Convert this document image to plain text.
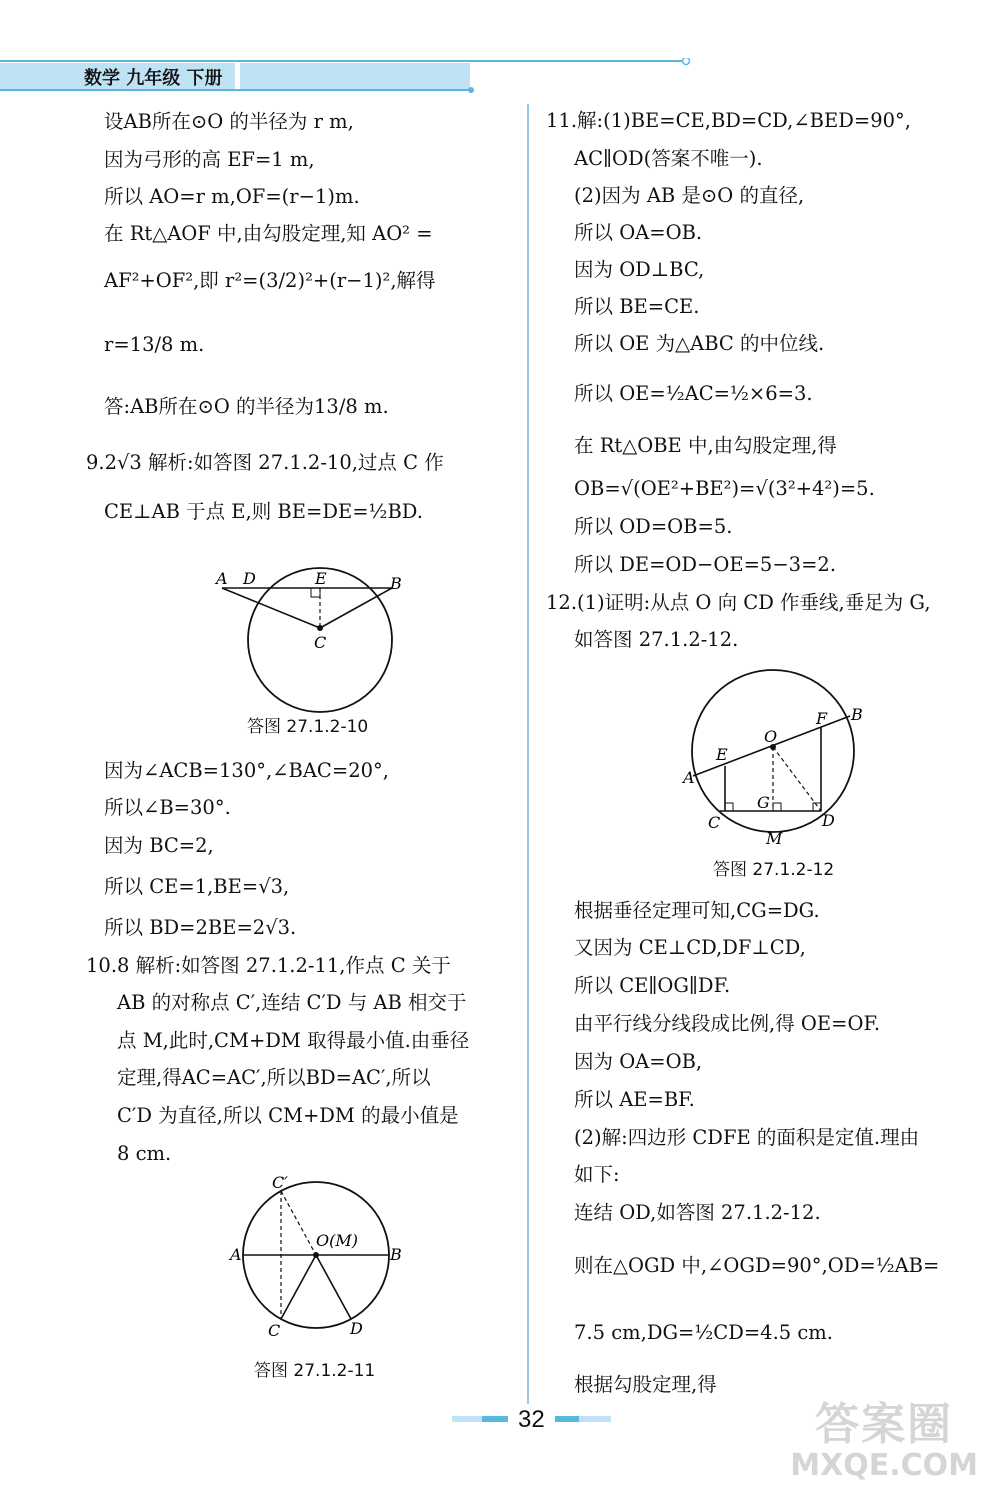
数学 九年级 下册
设AB所在⊙O 的半径为 r m,
因为弓形的高 EF=1 m,
所以 AO=r m,OF=(r−1)m.
在 Rt△AOF 中,由勾股定理,知 AO² =
AF²+OF²,即 r²=(3/2)²+(r−1)²,解得
r=13/8 m.
答:AB所在⊙O 的半径为13/8 m.
9.2√3 解析:如答图 27.1.2-10,过点 C 作
CE⊥AB 于点 E,则 BE=DE=½BD.
因为∠ACB=130°,∠BAC=20°,
所以∠B=30°.
因为 BC=2,
所以 CE=1,BE=√3,
所以 BD=2BE=2√3.
10.8 解析:如答图 27.1.2-11,作点 C 关于
AB 的对称点 C′,连结 C′D 与 AB 相交于
点 M,此时,CM+DM 取得最小值.由垂径
定理,得AC=AC′,所以BD=AC′,所以
C′D 为直径,所以 CM+DM 的最小值是
8 cm.
A D	E	B
C
答图 27.1.2-10
C′
O(M)
A	B
C	D
答图 27.1.2-11
11.解:(1)BE=CE,BD=CD,∠BED=90°,
AC∥OD(答案不唯一).
(2)因为 AB 是⊙O 的直径,
所以 OA=OB.
因为 OD⊥BC,
所以 BE=CE.
所以 OE 为△ABC 的中位线.
所以 OE=½AC=½×6=3.
在 Rt△OBE 中,由勾股定理,得
OB=√(OE²+BE²)=√(3²+4²)=5.
所以 OD=OB=5.
所以 DE=OD−OE=5−3=2.
12.(1)证明:从点 O 向 CD 作垂线,垂足为 G,
如答图 27.1.2-12.
根据垂径定理可知,CG=DG.
又因为 CE⊥CD,DF⊥CD,
所以 CE∥OG∥DF.
由平行线分线段成比例,得 OE=OF.
因为 OA=OB,
所以 AE=BF.
(2)解:四边形 CDFE 的面积是定值.理由
如下:
连结 OD,如答图 27.1.2-12.
则在△OGD 中,∠OGD=90°,OD=½AB=
7.5 cm,DG=½CD=4.5 cm.
根据勾股定理,得
O
F B
E
A
G
C
M
D
答图 27.1.2-12
32	答案圈
MXQE.COM
